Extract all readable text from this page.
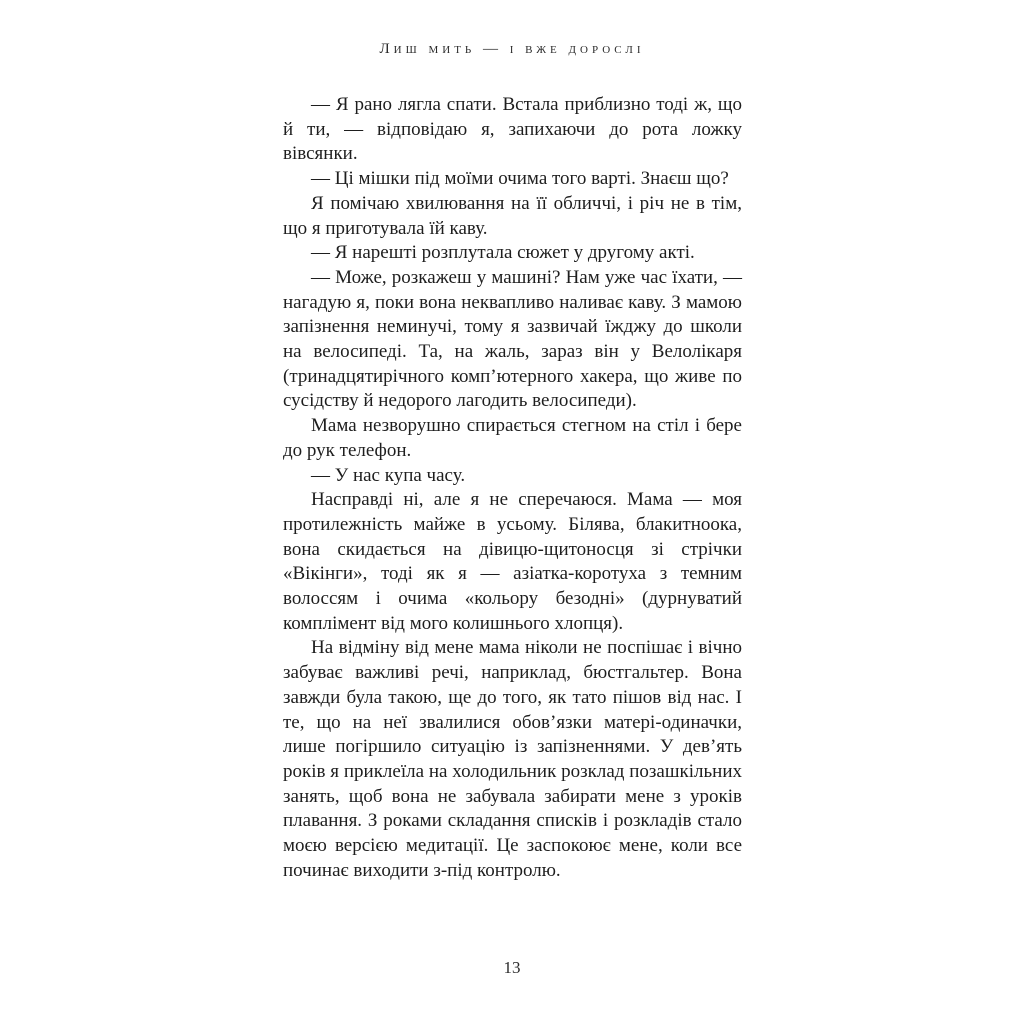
Лиш мить — і вже дорослі

— Я рано лягла спати. Встала приблизно тоді ж, що й ти, — відповідаю я, запихаючи до рота ложку вівсянки.

— Ці мішки під моїми очима того варті. Знаєш що?

Я помічаю хвилювання на її обличчі, і річ не в тім, що я приготувала їй каву.

— Я нарешті розплутала сюжет у другому акті.

— Може, розкажеш у машині? Нам уже час їхати, — нагадую я, поки вона неквапливо наливає каву. З мамою запізнення неминучі, тому я зазвичай їжджу до школи на велосипеді. Та, на жаль, зараз він у Велолікаря (тринадцятирічного комп’ютерного хакера, що живе по сусідству й недорого лагодить велосипеди).

Мама незворушно спирається стегном на стіл і бере до рук телефон.

— У нас купа часу.

Насправді ні, але я не сперечаюся. Мама — моя протилежність майже в усьому. Білява, блакитноока, вона скидається на дівицю-щитоносця зі стрічки «Вікінги», тоді як я — азіатка-коротуха з темним волоссям і очима «кольору безодні» (дурнуватий комплімент від мого колишнього хлопця).

На відміну від мене мама ніколи не поспішає і вічно забуває важливі речі, наприклад, бюстгальтер. Вона завжди була такою, ще до того, як тато пішов від нас. І те, що на неї звалилися обов’язки матері-одиначки, лише погіршило ситуацію із запізненнями. У дев’ять років я приклеїла на холодильник розклад позашкільних занять, щоб вона не забувала забирати мене з уроків плавання. З роками складання списків і розкладів стало моєю версією медитації. Це заспокоює мене, коли все починає виходити з-під контролю.

13
